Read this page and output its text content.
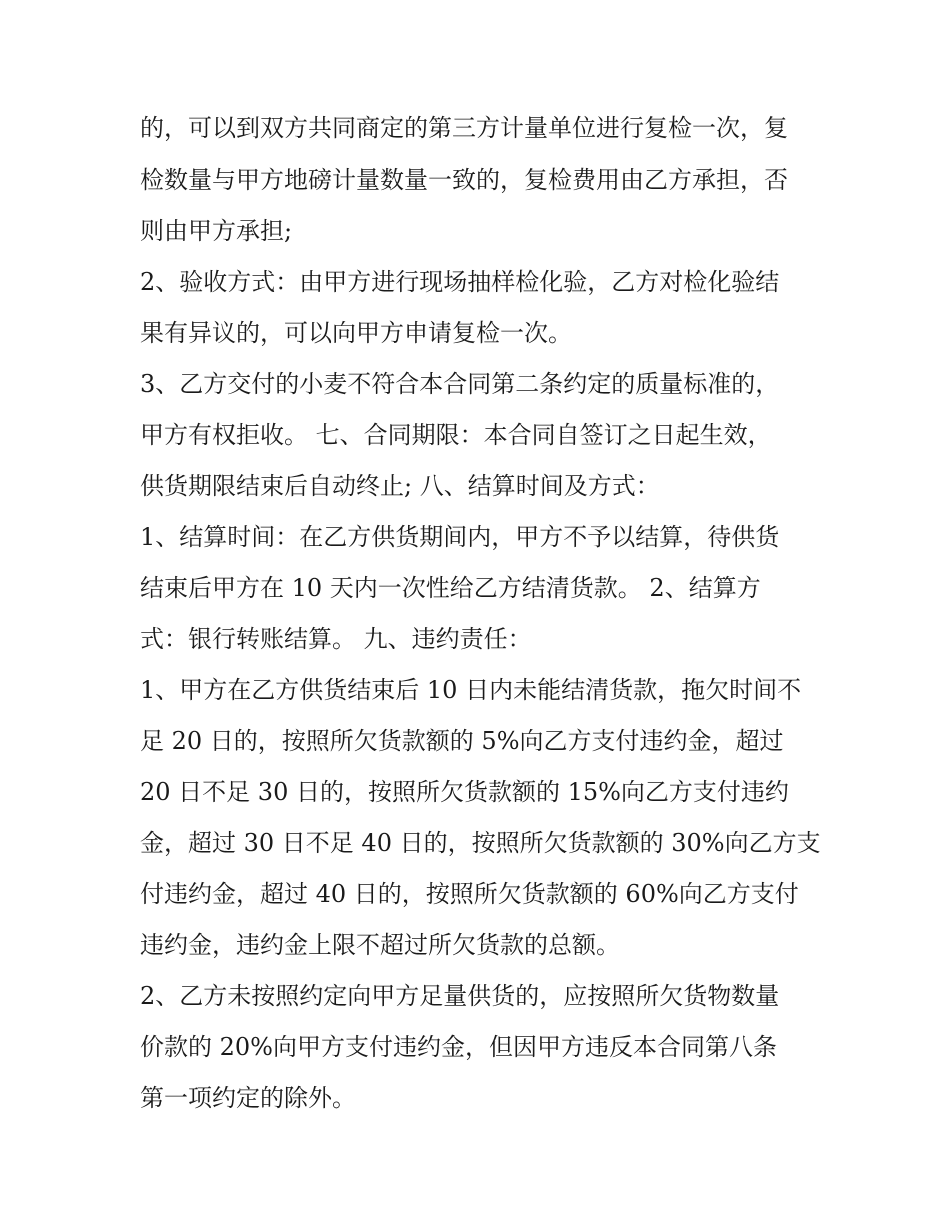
的，可以到双方共同商定的第三方计量单位进行复检一次，复
检数量与甲方地磅计量数量一致的，复检费用由乙方承担，否
则由甲方承担;
2、验收方式：由甲方进行现场抽样检化验，乙方对检化验结
果有异议的，可以向甲方申请复检一次。
3、乙方交付的小麦不符合本合同第二条约定的质量标准的，
甲方有权拒收。 七、合同期限：本合同自签订之日起生效，
供货期限结束后自动终止; 八、结算时间及方式：
1、结算时间：在乙方供货期间内，甲方不予以结算，待供货
结束后甲方在 10 天内一次性给乙方结清货款。 2、结算方
式：银行转账结算。 九、违约责任：
1、甲方在乙方供货结束后 10 日内未能结清货款，拖欠时间不
足 20 日的，按照所欠货款额的 5%向乙方支付违约金，超过
20 日不足 30 日的，按照所欠货款额的 15%向乙方支付违约
金，超过 30 日不足 40 日的，按照所欠货款额的 30%向乙方支
付违约金，超过 40 日的，按照所欠货款额的 60%向乙方支付
违约金，违约金上限不超过所欠货款的总额。
2、乙方未按照约定向甲方足量供货的，应按照所欠货物数量
价款的 20%向甲方支付违约金，但因甲方违反本合同第八条
第一项约定的除外。
